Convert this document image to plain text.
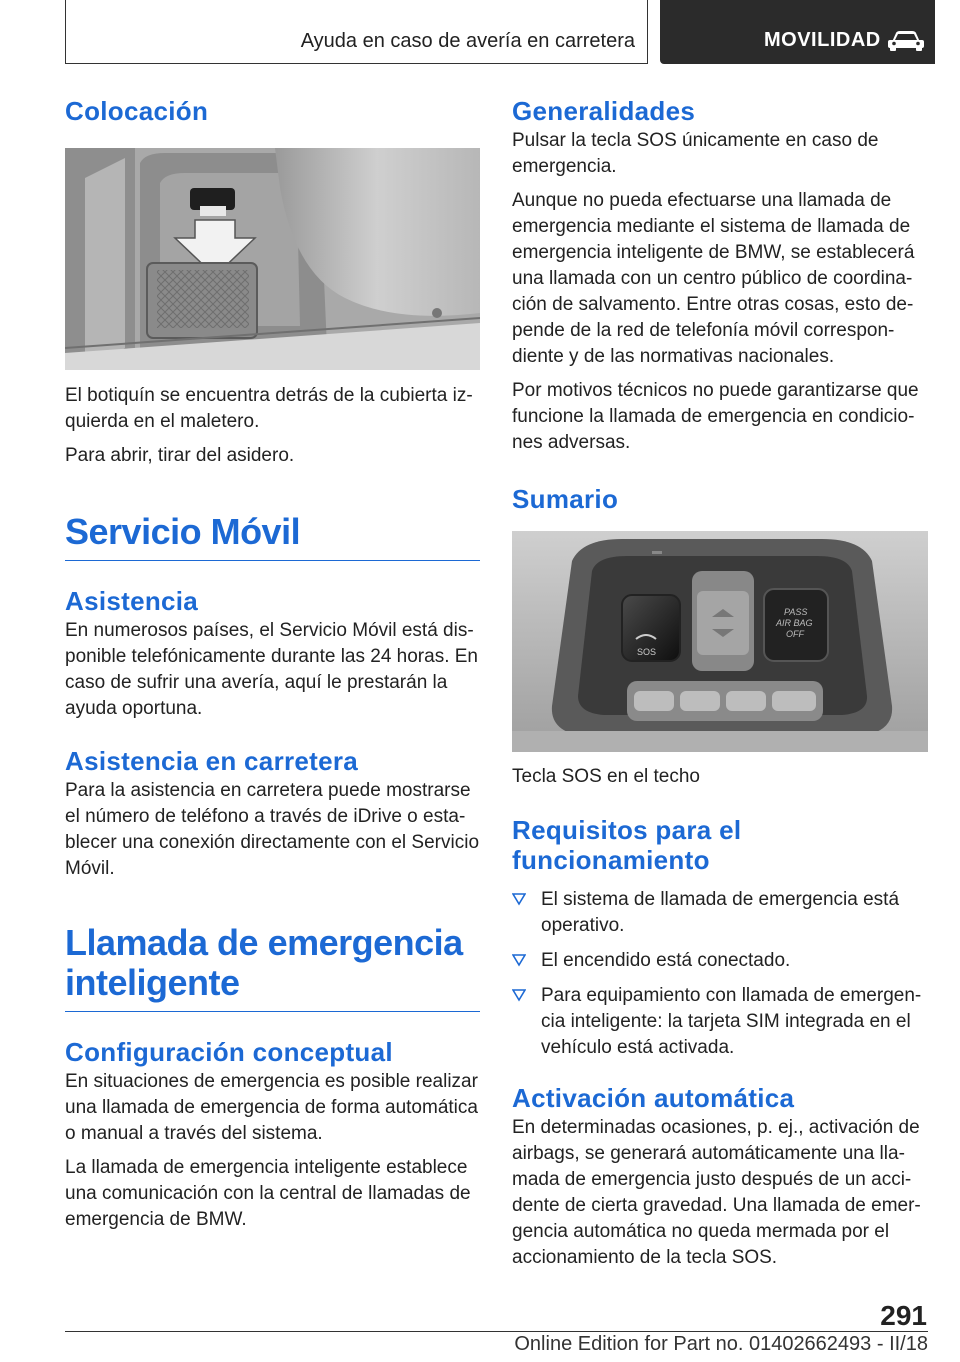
Ayuda en caso de avería en carretera	MOVILIDAD
Colocación

El botiquín se encuentra detrás de la cubierta iz‐quierda en el maletero.

Para abrir, tirar del asidero.

Servicio Móvil
Asistencia

En numerosos países, el Servicio Móvil está dis‐ponible telefónicamente durante las 24 horas. En caso de sufrir una avería, aquí le prestarán la ayuda oportuna.

Asistencia en carretera

Para la asistencia en carretera puede mostrarse el número de teléfono a través de iDrive o esta‐blecer una conexión directamente con el Servicio Móvil.

Llamada de emergencia inteligente
Configuración conceptual

En situaciones de emergencia es posible realizar una llamada de emergencia de forma automática o manual a través del sistema.

La llamada de emergencia inteligente establece una comunicación con la central de llamadas de emergencia de BMW.

Generalidades

Pulsar la tecla SOS únicamente en caso de emergencia.

Aunque no pueda efectuarse una llamada de emergencia mediante el sistema de llamada de emergencia inteligente de BMW, se establecerá una llamada con un centro público de coordina‐ción de salvamento. Entre otras cosas, esto de‐pende de la red de telefonía móvil correspon‐diente y de las normativas nacionales.

Por motivos técnicos no puede garantizarse que funcione la llamada de emergencia en condicio‐nes adversas.

Sumario
SOS
PASS
AIR BAG
OFF

Tecla SOS en el techo

Requisitos para el funcionamiento
El sistema de llamada de emergencia está operativo.
El encendido está conectado.
Para equipamiento con llamada de emergen‐cia inteligente: la tarjeta SIM integrada en el vehículo está activada.
Activación automática

En determinadas ocasiones, p. ej., activación de airbags, se generará automáticamente una lla‐mada de emergencia justo después de un acci‐dente de cierta gravedad. Una llamada de emer‐gencia automática no queda mermada por el accionamiento de la tecla SOS.

291
Online Edition for Part no. 01402662493 - II/18
